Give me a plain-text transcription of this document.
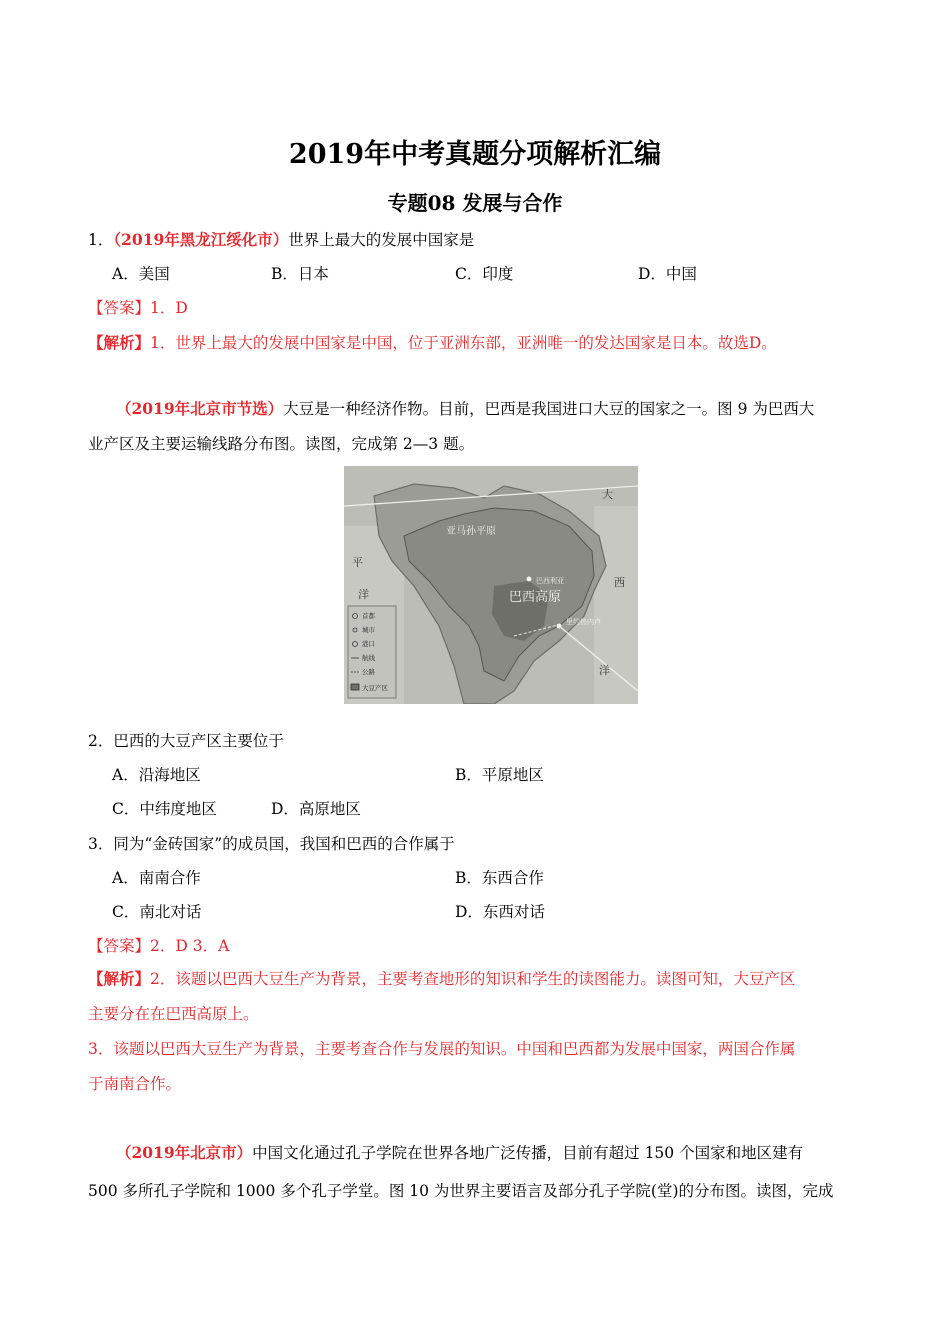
2019年中考真题分项解析汇编
专题08 发展与合作
1．（2019年黑龙江绥化市）世界上最大的发展中国家是
A．美国	B．日本	C．印度	D．中国
【答案】1．D
【解析】1．世界上最大的发展中国家是中国，位于亚洲东部，亚洲唯一的发达国家是日本。故选D。
（2019年北京市节选）大豆是一种经济作物。目前，巴西是我国进口大豆的国家之一。图 9 为巴西大
业产区及主要运输线路分布图。读图，完成第 2—3 题。
亚马孙平原
巴西高原
巴西利亚
里约热内卢
大
西
平
洋
洋
首都
城市
港口
航线
公路
大豆产区
2．巴西的大豆产区主要位于
A．沿海地区	B．平原地区
C．中纬度地区	D．高原地区
3．同为“金砖国家”的成员国，我国和巴西的合作属于
A．南南合作	B．东西合作
C．南北对话	D．东西对话
【答案】2．D 3．A
【解析】2．该题以巴西大豆生产为背景，主要考查地形的知识和学生的读图能力。读图可知，大豆产区
主要分在在巴西高原上。
3．该题以巴西大豆生产为背景，主要考查合作与发展的知识。中国和巴西都为发展中国家，两国合作属
于南南合作。
（2019年北京市）中国文化通过孔子学院在世界各地广泛传播，目前有超过 150 个国家和地区建有
500 多所孔子学院和 1000 多个孔子学堂。图 10 为世界主要语言及部分孔子学院(堂)的分布图。读图，完成
